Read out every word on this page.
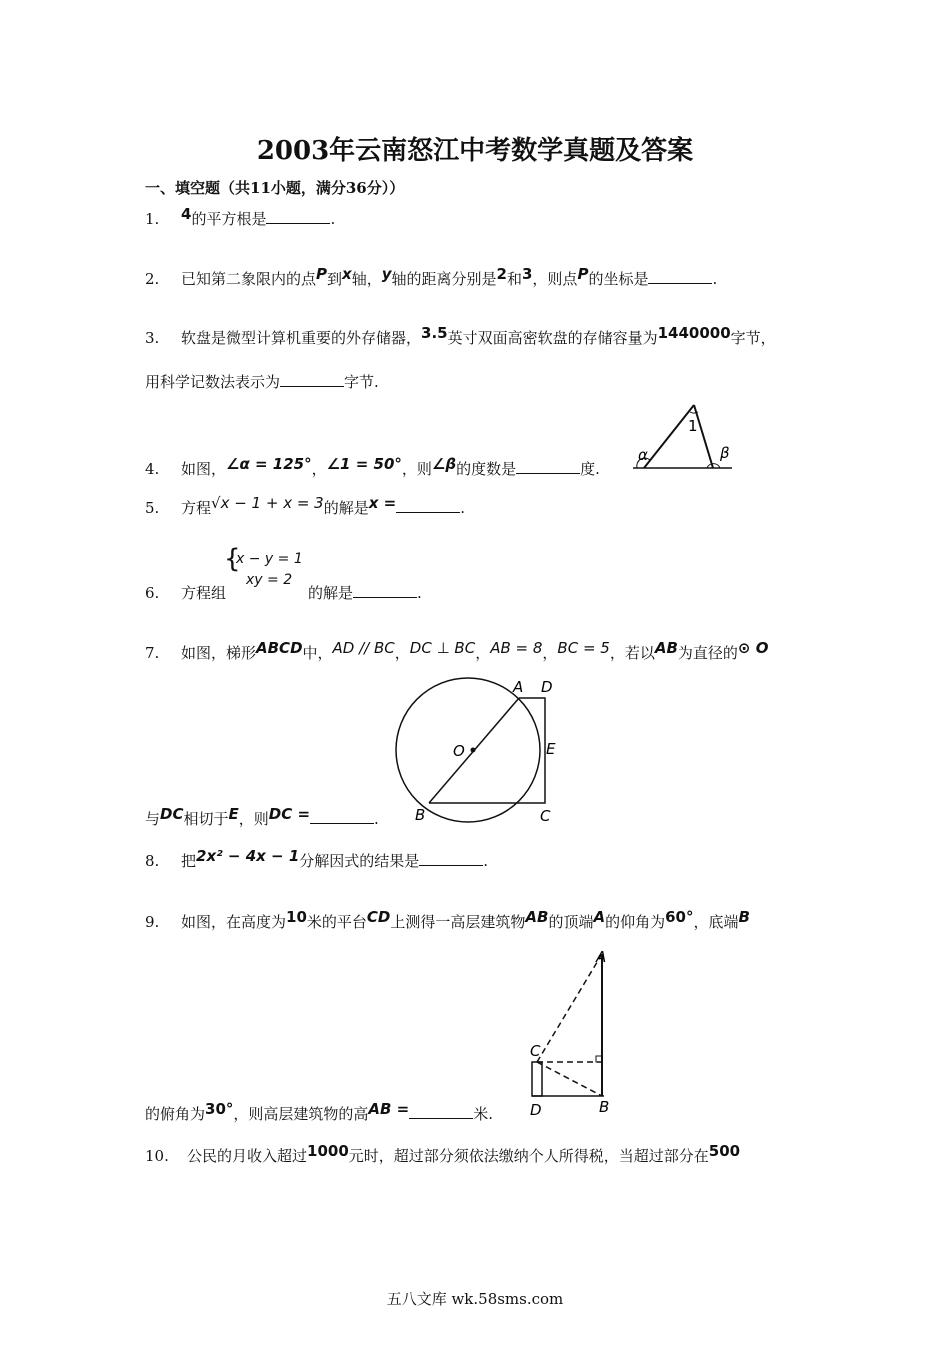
2003年云南怒江中考数学真题及答案
一、填空题（共11小题，满分36分））
1. 4的平方根是	.
2. 已知第二象限内的点P到x轴，y轴的距离分别是2和3，则点P的坐标是	.
3. 软盘是微型计算机重要的外存储器，3.5英寸双面高密软盘的存储容量为1440000字节，
用科学记数法表示为	字节.
4. 如图，∠α = 125°，∠1 = 50°，则∠β的度数是	度.
1
α	β
5. 方程√x − 1 + x = 3的解是x =	.
{
x − y = 1
xy = 2
6. 方程组	的解是	.
7. 如图，梯形ABCD中，AD // BC，DC ⊥ BC，AB = 8，BC = 5，若以AB为直径的⊙ O
A D
O	E
B	C
与DC相切于E，则DC =	.
8. 把2x² − 4x − 1分解因式的结果是	.
9. 如图，在高度为10米的平台CD上测得一高层建筑物AB的顶端A的仰角为60°，底端B
A
C
D	B
的俯角为30°，则高层建筑物的高AB =	米.
10. 公民的月收入超过1000元时，超过部分须依法缴纳个人所得税，当超过部分在500
五八文库 wk.58sms.com
